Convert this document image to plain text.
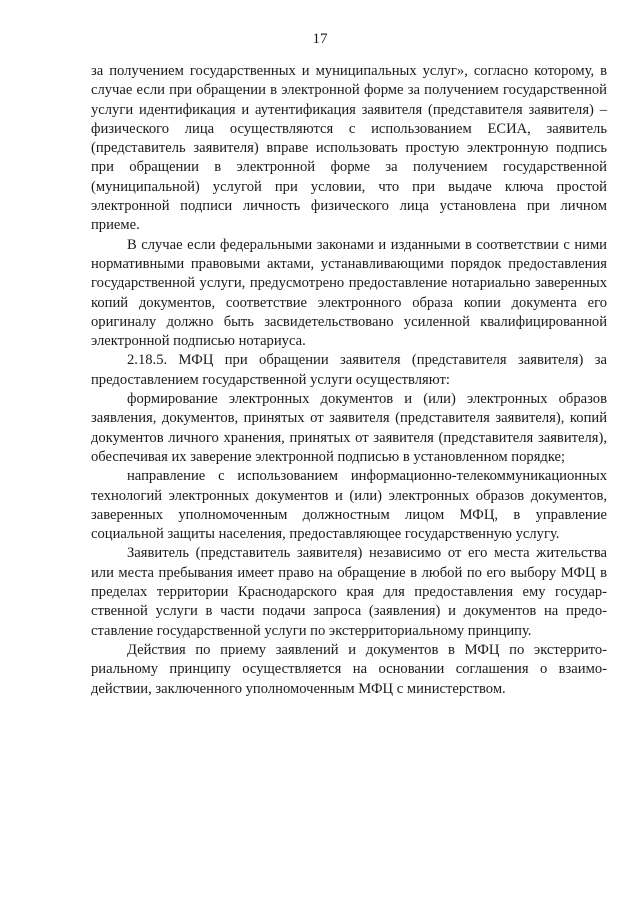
17

за получением государственных и муниципальных услуг», согласно которому, в случае если при обращении в электронной форме за получением государственной услуги идентификация и аутентификация заявителя (представителя заявителя) – физического лица осуществляются с использованием ЕСИА, заявитель (представитель заявителя) вправе использовать простую электронную подпись при обращении в электронной форме за получением государственной (муниципальной) услугой при условии, что при выдаче ключа простой электронной подписи личность физического лица установлена при личном приеме.

В случае если федеральными законами и изданными в соответствии с ними нормативными правовыми актами, устанавливающими порядок предоставления государственной услуги, предусмотрено предоставление нотариально заверенных копий документов, соответствие электронного образа копии документа его оригиналу должно быть засвидетельствовано усиленной квалифицированной электронной подписью нотариуса.

2.18.5. МФЦ при обращении заявителя (представителя заявителя) за предоставлением государственной услуги осуществляют:

формирование электронных документов и (или) электронных образов заявления, документов, принятых от заявителя (представителя заявителя), копий документов личного хранения, принятых от заявителя (представителя заявителя), обеспечивая их заверение электронной подписью в установленном порядке;

направление с использованием информационно-телекоммуникационных технологий электронных документов и (или) электронных образов документов, заверенных уполномоченным должностным лицом МФЦ, в управление социальной защиты населения, предоставляющее государственную услугу.

Заявитель (представитель заявителя) независимо от его места жительства или места пребывания имеет право на обращение в любой по его выбору МФЦ в пределах территории Краснодарского края для предоставления ему государ-ственной услуги в части подачи запроса (заявления) и документов на предо-ставление государственной услуги по экстерриториальному принципу.

Действия по приему заявлений и документов в МФЦ по экстеррито-риальному принципу осуществляется на основании соглашения о взаимо-действии, заключенного уполномоченным МФЦ с министерством.
